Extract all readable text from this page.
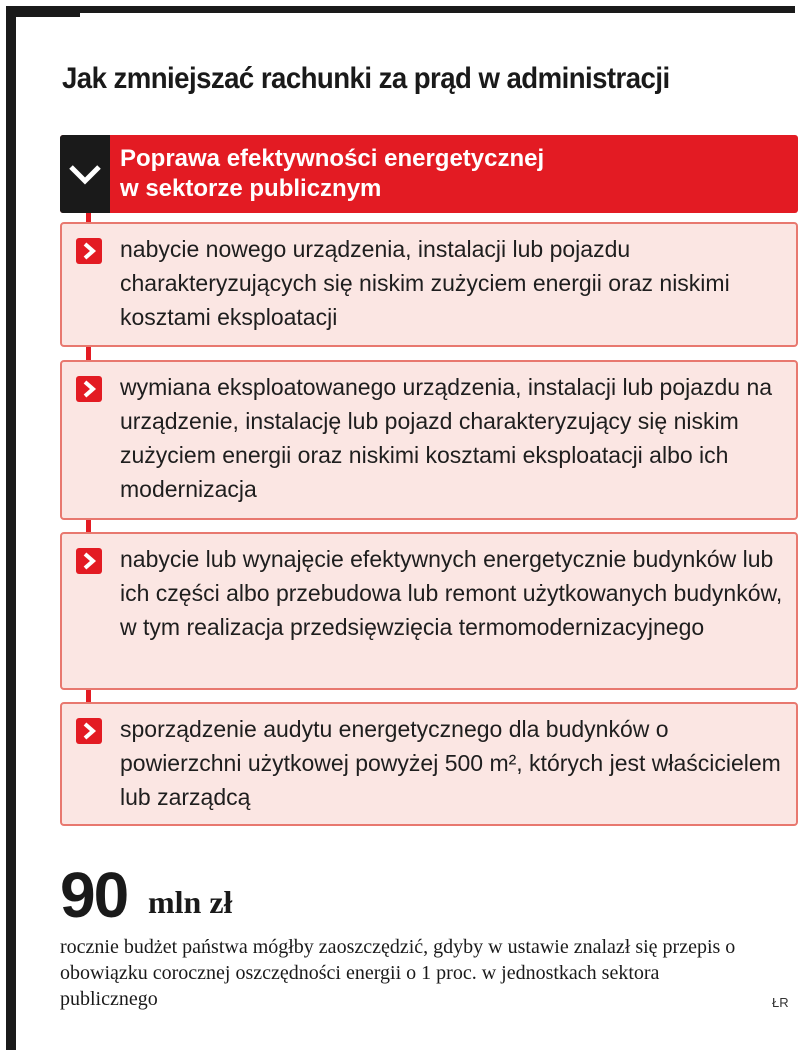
Jak zmniejszać rachunki za prąd w administracji
Poprawa efektywności energetycznej
w sektorze publicznym
nabycie nowego urządzenia, instalacji lub pojazdu charakteryzujących się niskim zużyciem energii oraz niskimi kosztami eksploatacji
wymiana eksploatowanego urządzenia, instalacji lub pojazdu na urządzenie, instalację lub pojazd charakteryzujący się niskim zużyciem energii oraz niskimi kosztami eksploatacji albo ich modernizacja
nabycie lub wynajęcie efektywnych energetycznie budynków lub ich części albo przebudowa lub remont użytkowanych budynków, w tym realizacja przedsięwzięcia termomodernizacyjnego
sporządzenie audytu energetycznego dla budynków o powierzchni użytkowej powyżej 500 m², których jest właścicielem lub zarządcą
90 mln zł
rocznie budżet państwa mógłby zaoszczędzić, gdyby w ustawie znalazł się przepis o obowiązku corocznej oszczędności energii o 1 proc. w jednostkach sektora publicznego	ŁR
